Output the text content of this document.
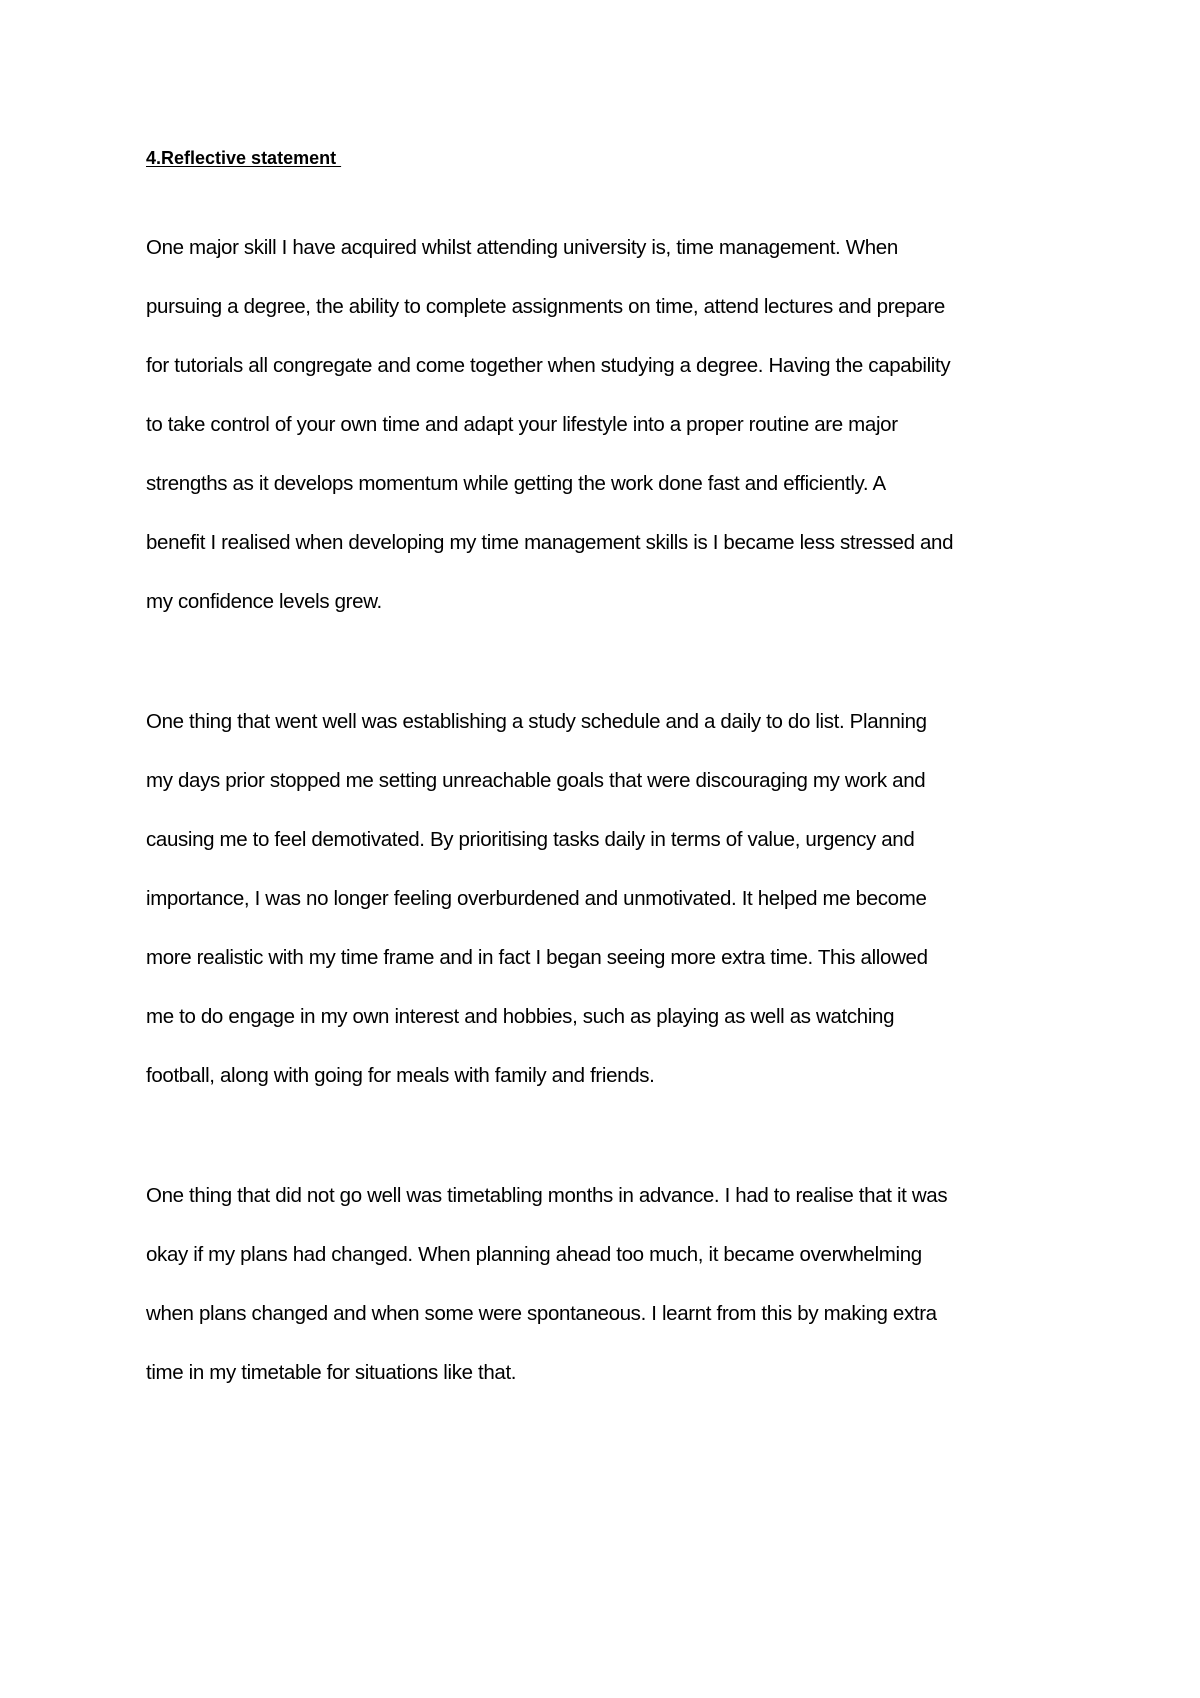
4.Reflective statement
One major skill I have acquired whilst attending university is, time management. When
pursuing a degree, the ability to complete assignments on time, attend lectures and prepare
for tutorials all congregate and come together when studying a degree. Having the capability
to take control of your own time and adapt your lifestyle into a proper routine are major
strengths as it develops momentum while getting the work done fast and efficiently. A
benefit I realised when developing my time management skills is I became less stressed and
my confidence levels grew.
One thing that went well was establishing a study schedule and a daily to do list. Planning
my days prior stopped me setting unreachable goals that were discouraging my work and
causing me to feel demotivated. By prioritising tasks daily in terms of value, urgency and
importance, I was no longer feeling overburdened and unmotivated. It helped me become
more realistic with my time frame and in fact I began seeing more extra time. This allowed
me to do engage in my own interest and hobbies, such as playing as well as watching
football, along with going for meals with family and friends.
One thing that did not go well was timetabling months in advance. I had to realise that it was
okay if my plans had changed. When planning ahead too much, it became overwhelming
when plans changed and when some were spontaneous. I learnt from this by making extra
time in my timetable for situations like that.
